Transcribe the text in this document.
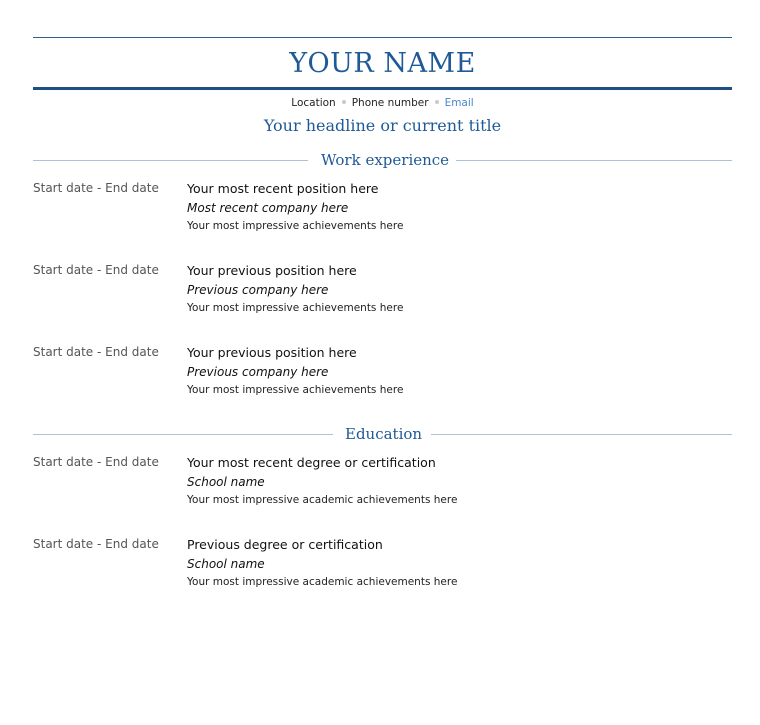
YOUR NAME
Location Phone number Email
Your headline or current title
Work experience
Start date - End date Your most recent position here
Most recent company here
Your most impressive achievements here
Start date - End date Your previous position here
Previous company here
Your most impressive achievements here
Start date - End date Your previous position here
Previous company here
Your most impressive achievements here
Education
Start date - End date Your most recent degree or certification
School name
Your most impressive academic achievements here
Start date - End date Previous degree or certification
School name
Your most impressive academic achievements here
